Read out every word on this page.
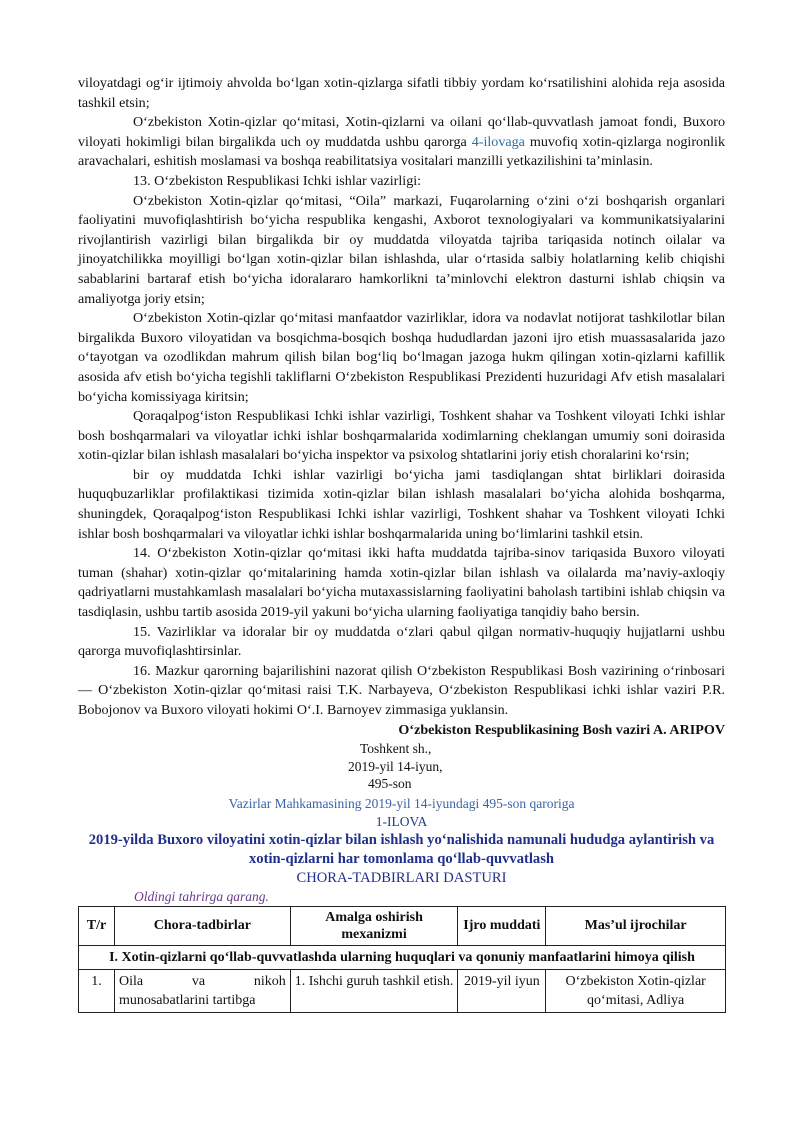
viloyatdagi og‘ir ijtimoiy ahvolda bo‘lgan xotin-qizlarga sifatli tibbiy yordam ko‘rsatilishini alohida reja asosida tashkil etsin;

O‘zbekiston Xotin-qizlar qo‘mitasi, Xotin-qizlarni va oilani qo‘llab-quvvatlash jamoat fondi, Buxoro viloyati hokimligi bilan birgalikda uch oy muddatda ushbu qarorga 4-ilovaga muvofiq xotin-qizlarga nogironlik aravachalari, eshitish moslamasi va boshqa reabilitatsiya vositalari manzilli yetkazilishini ta’minlasin.

13. O‘zbekiston Respublikasi Ichki ishlar vazirligi:

O‘zbekiston Xotin-qizlar qo‘mitasi, “Oila” markazi, Fuqarolarning o‘zini o‘zi boshqarish organlari faoliyatini muvofiqlashtirish bo‘yicha respublika kengashi, Axborot texnologiyalari va kommunikatsiyalarini rivojlantirish vazirligi bilan birgalikda bir oy muddatda viloyatda tajriba tariqasida notinch oilalar va jinoyatchilikka moyilligi bo‘lgan xotin-qizlar bilan ishlashda, ular o‘rtasida salbiy holatlarning kelib chiqishi sabablarini bartaraf etish bo‘yicha idoralararo hamkorlikni ta’minlovchi elektron dasturni ishlab chiqsin va amaliyotga joriy etsin;

O‘zbekiston Xotin-qizlar qo‘mitasi manfaatdor vazirliklar, idora va nodavlat notijorat tashkilotlar bilan birgalikda Buxoro viloyatidan va bosqichma-bosqich boshqa hududlardan jazoni ijro etish muassasalarida jazo o‘tayotgan va ozodlikdan mahrum qilish bilan bog‘liq bo‘lmagan jazoga hukm qilingan xotin-qizlarni kafillik asosida afv etish bo‘yicha tegishli takliflarni O‘zbekiston Respublikasi Prezidenti huzuridagi Afv etish masalalari bo‘yicha komissiyaga kiritsin;

Qoraqalpog‘iston Respublikasi Ichki ishlar vazirligi, Toshkent shahar va Toshkent viloyati Ichki ishlar bosh boshqarmalari va viloyatlar ichki ishlar boshqarmalarida xodimlarning cheklangan umumiy soni doirasida xotin-qizlar bilan ishlash masalalari bo‘yicha inspektor va psixolog shtatlarini joriy etish choralarini ko‘rsin;

bir oy muddatda Ichki ishlar vazirligi bo‘yicha jami tasdiqlangan shtat birliklari doirasida huquqbuzarliklar profilaktikasi tizimida xotin-qizlar bilan ishlash masalalari bo‘yicha alohida boshqarma, shuningdek, Qoraqalpog‘iston Respublikasi Ichki ishlar vazirligi, Toshkent shahar va Toshkent viloyati Ichki ishlar bosh boshqarmalari va viloyatlar ichki ishlar boshqarmalarida uning bo‘limlarini tashkil etsin.

14. O‘zbekiston Xotin-qizlar qo‘mitasi ikki hafta muddatda tajriba-sinov tariqasida Buxoro viloyati tuman (shahar) xotin-qizlar qo‘mitalarining hamda xotin-qizlar bilan ishlash va oilalarda ma’naviy-axloqiy qadriyatlarni mustahkamlash masalalari bo‘yicha mutaxassislarning faoliyatini baholash tartibini ishlab chiqsin va tasdiqlasin, ushbu tartib asosida 2019-yil yakuni bo‘yicha ularning faoliyatiga tanqidiy baho bersin.

15. Vazirliklar va idoralar bir oy muddatda o‘zlari qabul qilgan normativ-huquqiy hujjatlarni ushbu qarorga muvofiqlashtirsinlar.

16. Mazkur qarorning bajarilishini nazorat qilish O‘zbekiston Respublikasi Bosh vazirining o‘rinbosari — O‘zbekiston Xotin-qizlar qo‘mitasi raisi T.K. Narbayeva, O‘zbekiston Respublikasi ichki ishlar vaziri P.R. Bobojonov va Buxoro viloyati hokimi O‘.I. Barnoyev zimmasiga yuklansin.

O‘zbekiston Respublikasining Bosh vaziri A. ARIPOV

Toshkent sh.,

2019-yil 14-iyun,

495-son

Vazirlar Mahkamasining 2019-yil 14-iyundagi 495-son qaroriga

1-ILOVA

2019-yilda Buxoro viloyatini xotin-qizlar bilan ishlash yo‘nalishida namunali hududga aylantirish va xotin-qizlarni har tomonlama qo‘llab-quvvatlash

CHORA-TADBIRLARI DASTURI

Oldingi tahrirga qarang.

T/r	Chora-tadbirlar	Amalga oshirish mexanizmi	Ijro muddati	Mas’ul ijrochilar
I. Xotin-qizlarni qo‘llab-quvvatlashda ularning huquqlari va qonuniy manfaatlarini himoya qilish				
1.	Oila va nikoh munosabatlarini tartibga	1. Ishchi guruh tashkil etish.	2019-yil iyun	O‘zbekiston Xotin-qizlar qo‘mitasi, Adliya
